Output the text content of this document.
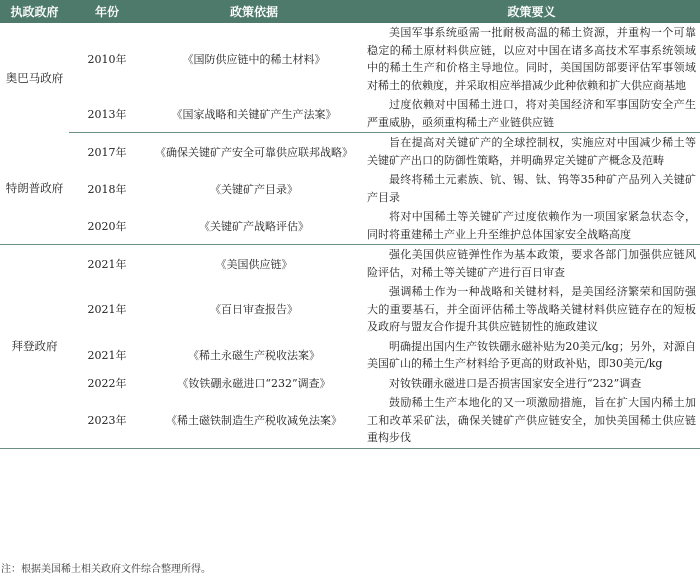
执政政府	年份	政策依据	政策要义
奥巴马政府	2010年	《国防供应链中的稀土材料》	美国军事系统亟需一批耐极高温的稀土资源，并重构一个可靠稳定的稀土原材料供应链，以应对中国在诸多高技术军事系统领域中的稀土生产和价格主导地位。同时，美国国防部要评估军事领域对稀土的依赖度，并采取相应举措减少此种依赖和扩大供应商基地
	2013年	《国家战略和关键矿产生产法案》	过度依赖对中国稀土进口，将对美国经济和军事国防安全产生严重威胁，亟须重构稀土产业链供应链
特朗普政府	2017年	《确保关键矿产安全可靠供应联邦战略》	旨在提高对关键矿产的全球控制权，实施应对中国减少稀土等关键矿产出口的防御性策略，并明确界定关键矿产概念及范畴
	2018年	《关键矿产目录》	最终将稀土元素族、钪、锡、钛、钨等35种矿产品列入关键矿产目录
	2020年	《关键矿产战略评估》	将对中国稀土等关键矿产过度依赖作为一项国家紧急状态令，同时将重建稀土产业上升至维护总体国家安全战略高度
拜登政府	2021年	《美国供应链》	强化美国供应链弹性作为基本政策，要求各部门加强供应链风险评估，对稀土等关键矿产进行百日审查
	2021年	《百日审查报告》	强调稀土作为一种战略和关键材料，是美国经济繁荣和国防强大的重要基石，并全面评估稀土等战略关键材料供应链存在的短板及政府与盟友合作提升其供应链韧性的施政建议
	2021年	《稀土永磁生产税收法案》	明确提出国内生产钕铁硼永磁补贴为20美元/kg；另外，对源自美国矿山的稀土生产材料给予更高的财政补贴，即30美元/kg
	2022年	《钕铁硼永磁进口“232”调查》	对钕铁硼永磁进口是否损害国家安全进行“232”调查
	2023年	《稀土磁铁制造生产税收减免法案》	鼓励稀土生产本地化的又一项激励措施，旨在扩大国内稀土加工和改革采矿法，确保关键矿产供应链安全，加快美国稀土供应链重构步伐
注：根据美国稀土相关政府文件综合整理所得。
